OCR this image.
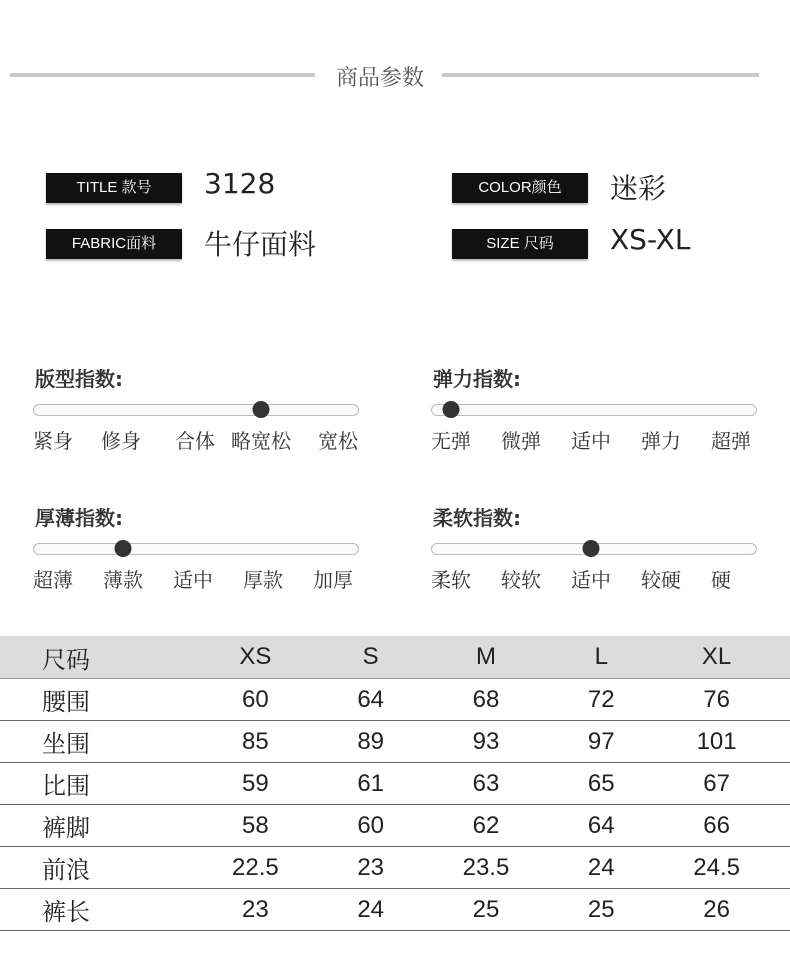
商品参数
TITLE 款号	3128	COLOR颜色	迷彩
FABRIC面料	牛仔面料	SIZE 尺码	XS-XL
版型指数:
紧身 修身 合体 略宽松 宽松
弹力指数:
无弹 微弹 适中 弹力 超弹
厚薄指数:
超薄 薄款 适中 厚款 加厚
柔软指数:
柔软 较软 适中 较硬 硬
尺码	XS	S	M	L	XL
腰围	60	64	68	72	76
坐围	85	89	93	97	101
比围	59	61	63	65	67
裤脚	58	60	62	64	66
前浪	22.5	23	23.5	24	24.5
裤长	23	24	25	25	26
